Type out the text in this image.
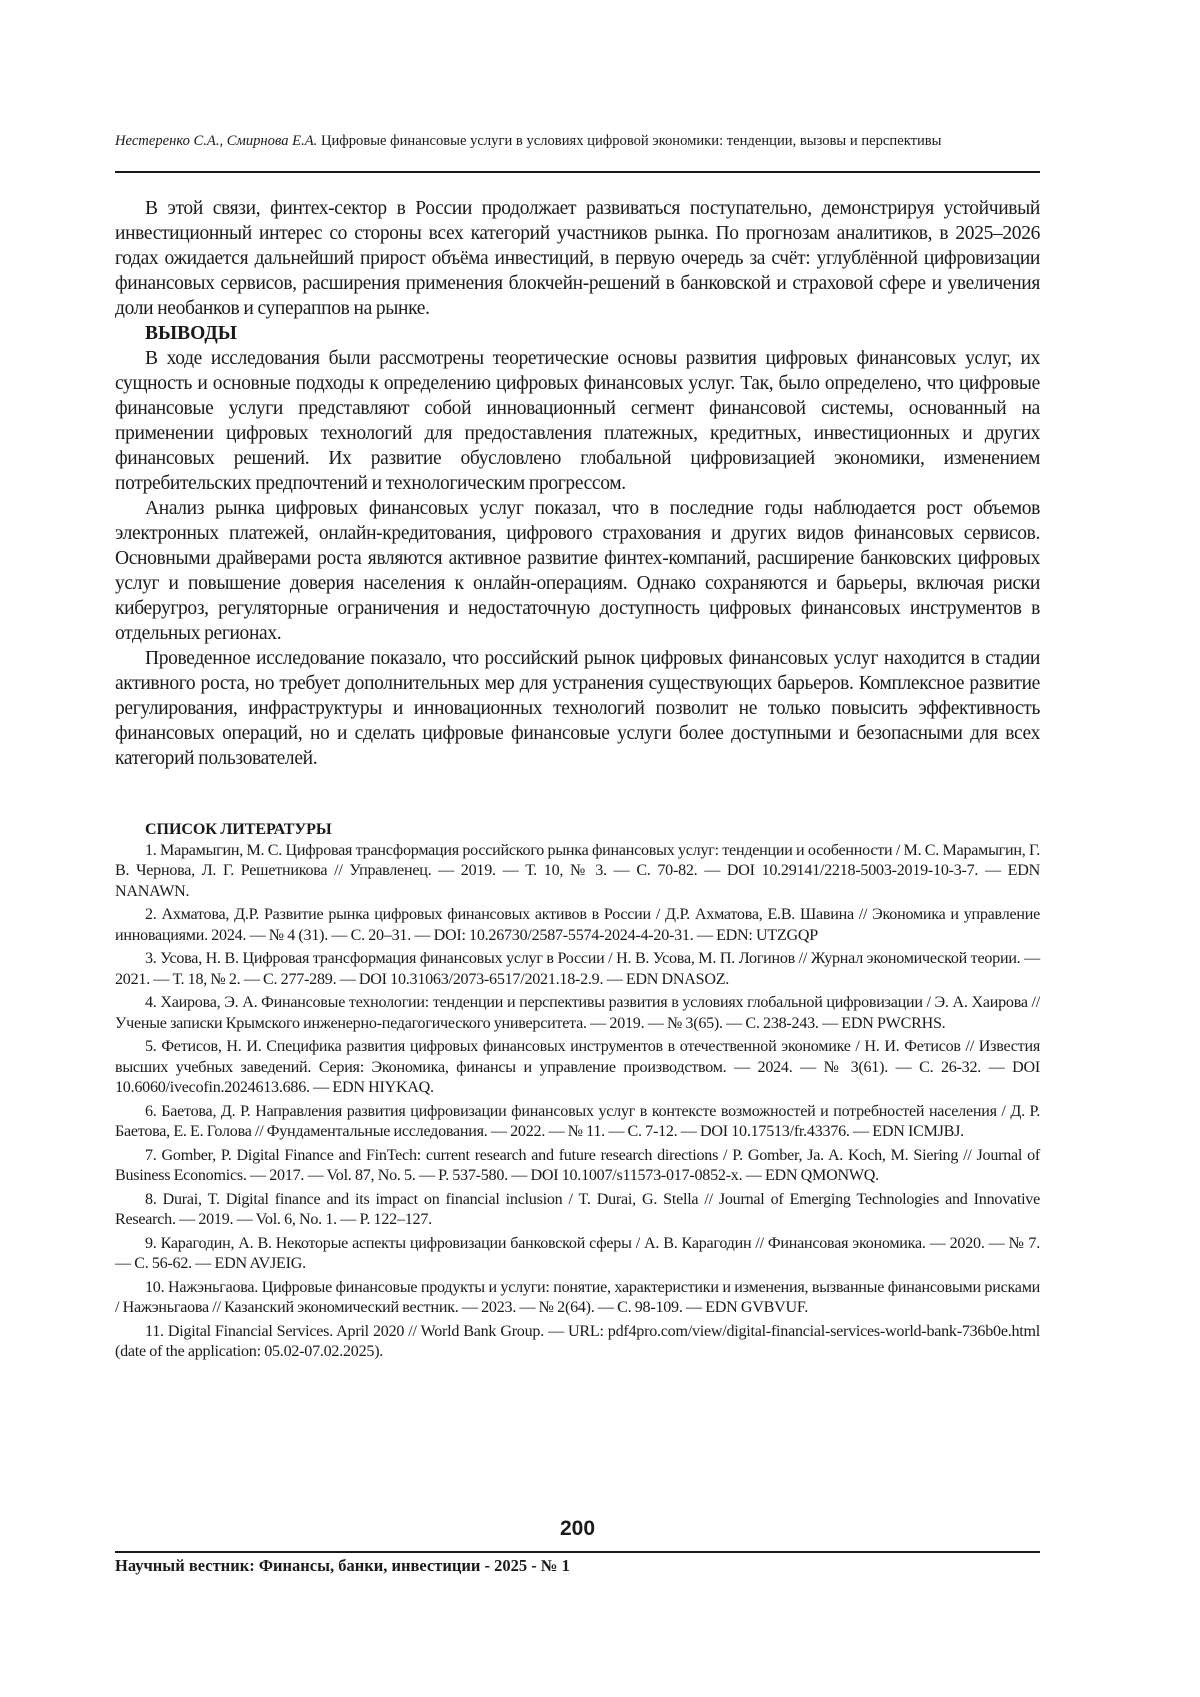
Нестеренко С.А., Смирнова Е.А. Цифровые финансовые услуги в условиях цифровой экономики: тенденции, вызовы и перспективы

В этой связи, финтех-сектор в России продолжает развиваться поступательно, демонстрируя устойчивый инвестиционный интерес со стороны всех категорий участников рынка. По прогнозам аналитиков, в 2025–2026 годах ожидается дальнейший прирост объёма инвестиций, в первую очередь за счёт: углублённой цифровизации финансовых сервисов, расширения применения блокчейн-решений в банковской и страховой сфере и увеличения доли необанков и суперaппов на рынке.

ВЫВОДЫ

В ходе исследования были рассмотрены теоретические основы развития цифровых финансовых услуг, их сущность и основные подходы к определению цифровых финансовых услуг. Так, было определено, что цифровые финансовые услуги представляют собой инновационный сегмент финансовой системы, основанный на применении цифровых технологий для предоставления платежных, кредитных, инвестиционных и других финансовых решений. Их развитие обусловлено глобальной цифровизацией экономики, изменением потребительских предпочтений и технологическим прогрессом.

Анализ рынка цифровых финансовых услуг показал, что в последние годы наблюдается рост объемов электронных платежей, онлайн-кредитования, цифрового страхования и других видов финансовых сервисов. Основными драйверами роста являются активное развитие финтех-компаний, расширение банковских цифровых услуг и повышение доверия населения к онлайн-операциям. Однако сохраняются и барьеры, включая риски киберугроз, регуляторные ограничения и недостаточную доступность цифровых финансовых инструментов в отдельных регионах.

Проведенное исследование показало, что российский рынок цифровых финансовых услуг находится в стадии активного роста, но требует дополнительных мер для устранения существующих барьеров. Комплексное развитие регулирования, инфраструктуры и инновационных технологий позволит не только повысить эффективность финансовых операций, но и сделать цифровые финансовые услуги более доступными и безопасными для всех категорий пользователей.

СПИСОК ЛИТЕРАТУРЫ
1. Марамыгин, М. С. Цифровая трансформация российского рынка финансовых услуг: тенденции и особенности / М. С. Марамыгин, Г. В. Чернова, Л. Г. Решетникова // Управленец. — 2019. — Т. 10, № 3. — С. 70-82. — DOI 10.29141/2218-5003-2019-10-3-7. — EDN NANAWN.
2. Ахматова, Д.Р. Развитие рынка цифровых финансовых активов в России / Д.Р. Ахматова, Е.В. Шавина // Экономика и управление инновациями. 2024. — № 4 (31). — С. 20–31. — DOI: 10.26730/2587-5574-2024-4-20-31. — EDN: UTZGQP
3. Усова, Н. В. Цифровая трансформация финансовых услуг в России / Н. В. Усова, М. П. Логинов // Журнал экономической теории. — 2021. — Т. 18, № 2. — С. 277-289. — DOI 10.31063/2073-6517/2021.18-2.9. — EDN DNASOZ.
4. Хаирова, Э. А. Финансовые технологии: тенденции и перспективы развития в условиях глобальной цифровизации / Э. А. Хаирова // Ученые записки Крымского инженерно-педагогического университета. — 2019. — № 3(65). — С. 238-243. — EDN PWCRHS.
5. Фетисов, Н. И. Специфика развития цифровых финансовых инструментов в отечественной экономике / Н. И. Фетисов // Известия высших учебных заведений. Серия: Экономика, финансы и управление производством. — 2024. — № 3(61). — С. 26-32. — DOI 10.6060/ivecofin.2024613.686. — EDN HIYKAQ.
6. Баетова, Д. Р. Направления развития цифровизации финансовых услуг в контексте возможностей и потребностей населения / Д. Р. Баетова, Е. Е. Голова // Фундаментальные исследования. — 2022. — № 11. — С. 7-12. — DOI 10.17513/fr.43376. — EDN ICMJBJ.
7. Gomber, P. Digital Finance and FinTech: current research and future research directions / P. Gomber, Ja. A. Koch, M. Siering // Journal of Business Economics. — 2017. — Vol. 87, No. 5. — P. 537-580. — DOI 10.1007/s11573-017-0852-x. — EDN QMONWQ.
8. Durai, T. Digital finance and its impact on financial inclusion / T. Durai, G. Stella // Journal of Emerging Technologies and Innovative Research. — 2019. — Vol. 6, No. 1. — P. 122–127.
9. Карагодин, А. В. Некоторые аспекты цифровизации банковской сферы / А. В. Карагодин // Финансовая экономика. — 2020. — № 7. — С. 56-62. — EDN AVJEIG.
10. Нажэньгаова. Цифровые финансовые продукты и услуги: понятие, характеристики и изменения, вызванные финансовыми рисками / Нажэньгаова // Казанский экономический вестник. — 2023. — № 2(64). — С. 98-109. — EDN GVBVUF.
11. Digital Financial Services. April 2020 // World Bank Group. — URL: pdf4pro.com/view/digital-financial-services-world-bank-736b0e.html (date of the application: 05.02-07.02.2025).
200
Научный вестник: Финансы, банки, инвестиции - 2025 - № 1
